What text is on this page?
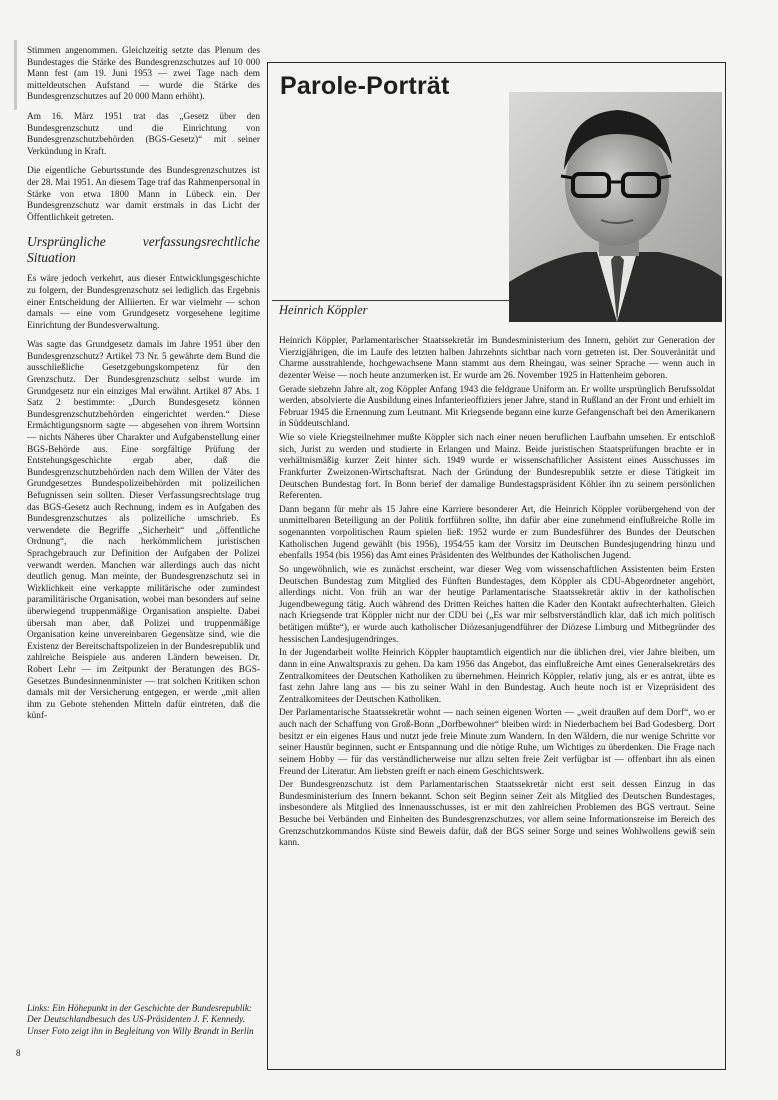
Stimmen angenommen. Gleichzeitig setzte das Plenum des Bundestages die Stärke des Bundesgrenzschutzes auf 10 000 Mann fest (am 19. Juni 1953 — zwei Tage nach dem mitteldeutschen Aufstand — wurde die Stärke des Bundesgrenzschutzes auf 20 000 Mann erhöht).

Am 16. März 1951 trat das „Gesetz über den Bundesgrenzschutz und die Einrichtung von Bundesgrenzschutzbehörden (BGS-Gesetz)“ mit seiner Verkündung in Kraft.

Die eigentliche Geburtsstunde des Bundesgrenzschutzes ist der 28. Mai 1951. An diesem Tage traf das Rahmenpersonal in Stärke von etwa 1800 Mann in Lübeck ein. Der Bundesgrenzschutz war damit erstmals in das Licht der Öffentlichkeit getreten.

Ursprüngliche verfassungsrechtliche Situation

Es wäre jedoch verkehrt, aus dieser Entwicklungsgeschichte zu folgern, der Bundesgrenzschutz sei lediglich das Ergebnis einer Entscheidung der Alliierten. Er war vielmehr — schon damals — eine vom Grundgesetz vorgesehene legitime Einrichtung der Bundesverwaltung.

Was sagte das Grundgesetz damals im Jahre 1951 über den Bundesgrenzschutz? Artikel 73 Nr. 5 gewährte dem Bund die ausschließliche Gesetzgebungskompetenz für den Grenzschutz. Der Bundesgrenzschutz selbst wurde im Grundgesetz nur ein einziges Mal erwähnt. Artikel 87 Abs. 1 Satz 2 bestimmte: „Durch Bundesgesetz können Bundesgrenzschutzbehörden eingerichtet werden.“ Diese Ermächtigungsnorm sagte — abgesehen von ihrem Wortsinn — nichts Näheres über Charakter und Aufgabenstellung einer BGS-Behörde aus. Eine sorgfältige Prüfung der Entstehungsgeschichte ergab aber, daß die Bundesgrenzschutzbehörden nach dem Willen der Väter des Grundgesetzes Bundespolizeibehörden mit polizeilichen Befugnissen sein sollten. Dieser Verfassungsrechtslage trug das BGS-Gesetz auch Rechnung, indem es in Aufgaben des Bundesgrenzschutzes als polizeiliche umschrieb. Es verwendete die Begriffe „Sicherheit“ und „öffentliche Ordnung“, die nach herkömmlichem juristischen Sprachgebrauch zur Definition der Aufgaben der Polizei verwandt werden. Manchen war allerdings auch das nicht deutlich genug. Man meinte, der Bundesgrenzschutz sei in Wirklichkeit eine verkappte militärische oder zumindest paramilitärische Organisation, wobei man besonders auf seine überwiegend truppenmäßige Organisation anspielte. Dabei übersah man aber, daß Polizei und truppenmäßige Organisation keine unvereinbaren Gegensätze sind, wie die Existenz der Bereitschaftspolizeien in der Bundesrepublik und zahlreiche Beispiele aus anderen Ländern beweisen. Dr. Robert Lehr — im Zeitpunkt der Beratungen des BGS-Gesetzes Bundesinnenminister — trat solchen Kritiken schon damals mit der Versicherung entgegen, er werde „mit allen ihm zu Gebote stehenden Mitteln dafür eintreten, daß die künf-

Links: Ein Höhepunkt in der Geschichte der Bundesrepublik: Der Deutschlandbesuch des US-Präsidenten J. F. Kennedy. Unser Foto zeigt ihn in Begleitung von Willy Brandt in Berlin
8
Parole-Porträt
Heinrich Köppler

Heinrich Köppler, Parlamentarischer Staatssekretär im Bundesministerium des Innern, gehört zur Generation der Vierzigjährigen, die im Laufe des letzten halben Jahrzehnts sichtbar nach vorn getreten ist. Der Souveränität und Charme ausstrahlende, hochgewachsene Mann stammt aus dem Rheingau, was seiner Sprache — wenn auch in dezenter Weise — noch heute anzumerken ist. Er wurde am 26. November 1925 in Hattenheim geboren.

Gerade siebzehn Jahre alt, zog Köppler Anfang 1943 die feldgraue Uniform an. Er wollte ursprünglich Berufssoldat werden, absolvierte die Ausbildung eines Infanterieoffiziers jener Jahre, stand in Rußland an der Front und erhielt im Februar 1945 die Ernennung zum Leutnant. Mit Kriegsende begann eine kurze Gefangenschaft bei den Amerikanern in Süddeutschland.

Wie so viele Kriegsteilnehmer mußte Köppler sich nach einer neuen beruflichen Laufbahn umsehen. Er entschloß sich, Jurist zu werden und studierte in Erlangen und Mainz. Beide juristischen Staatsprüfungen brachte er in verhältnismäßig kurzer Zeit hinter sich. 1949 wurde er wissenschaftlicher Assistent eines Ausschusses im Frankfurter Zweizonen-Wirtschaftsrat. Nach der Gründung der Bundesrepublik setzte er diese Tätigkeit im Deutschen Bundestag fort. In Bonn berief der damalige Bundestagspräsident Köhler ihn zu seinem persönlichen Referenten.

Dann begann für mehr als 15 Jahre eine Karriere besonderer Art, die Heinrich Köppler vorübergehend von der unmittelbaren Beteiligung an der Politik fortführen sollte, ihn dafür aber eine zunehmend einflußreiche Rolle im sogenannten vorpolitischen Raum spielen ließ: 1952 wurde er zum Bundesführer des Bundes der Deutschen Katholischen Jugend gewählt (bis 1956), 1954/55 kam der Vorsitz im Deutschen Bundesjugendring hinzu und ebenfalls 1954 (bis 1956) das Amt eines Präsidenten des Weltbundes der Katholischen Jugend.

So ungewöhnlich, wie es zunächst erscheint, war dieser Weg vom wissenschaftlichen Assistenten beim Ersten Deutschen Bundestag zum Mitglied des Fünften Bundestages, dem Köppler als CDU-Abgeordneter angehört, allerdings nicht. Von früh an war der heutige Parlamentarische Staatssekretär aktiv in der katholischen Jugendbewegung tätig. Auch während des Dritten Reiches hatten die Kader den Kontakt aufrechterhalten. Gleich nach Kriegsende trat Köppler nicht nur der CDU bei („Es war mir selbstverständlich klar, daß ich mich politisch betätigen müßte“), er wurde auch katholischer Diözesanjugendführer der Diözese Limburg und Mitbegründer des hessischen Landesjugendringes.

In der Jugendarbeit wollte Heinrich Köppler hauptamtlich eigentlich nur die üblichen drei, vier Jahre bleiben, um dann in eine Anwaltspraxis zu gehen. Da kam 1956 das Angebot, das einflußreiche Amt eines Generalsekretärs des Zentralkomitees der Deutschen Katholiken zu übernehmen. Heinrich Köppler, relativ jung, als er es antrat, übte es fast zehn Jahre lang aus — bis zu seiner Wahl in den Bundestag. Auch heute noch ist er Vizepräsident des Zentralkomitees der Deutschen Katholiken.

Der Parlamentarische Staatssekretär wohnt — nach seinen eigenen Worten — „weit draußen auf dem Dorf“, wo er auch nach der Schaffung von Groß-Bonn „Dorfbewohner“ bleiben wird: in Niederbachem bei Bad Godesberg. Dort besitzt er ein eigenes Haus und nutzt jede freie Minute zum Wandern. In den Wäldern, die nur wenige Schritte vor seiner Haustür beginnen, sucht er Entspannung und die nötige Ruhe, um Wichtiges zu überdenken. Die Frage nach seinem Hobby — für das verständlicherweise nur allzu selten freie Zeit verfügbar ist — offenbart ihn als einen Freund der Literatur. Am liebsten greift er nach einem Geschichtswerk.

Der Bundesgrenzschutz ist dem Parlamentarischen Staatssekretär nicht erst seit dessen Einzug in das Bundesministerium des Innern bekannt. Schon seit Beginn seiner Zeit als Mitglied des Deutschen Bundestages, insbesondere als Mitglied des Innenausschusses, ist er mit den zahlreichen Problemen des BGS vertraut. Seine Besuche bei Verbänden und Einheiten des Bundesgrenzschutzes, vor allem seine Informationsreise im Bereich des Grenzschutzkommandos Küste sind Beweis dafür, daß der BGS seiner Sorge und seines Wohlwollens gewiß sein kann.
